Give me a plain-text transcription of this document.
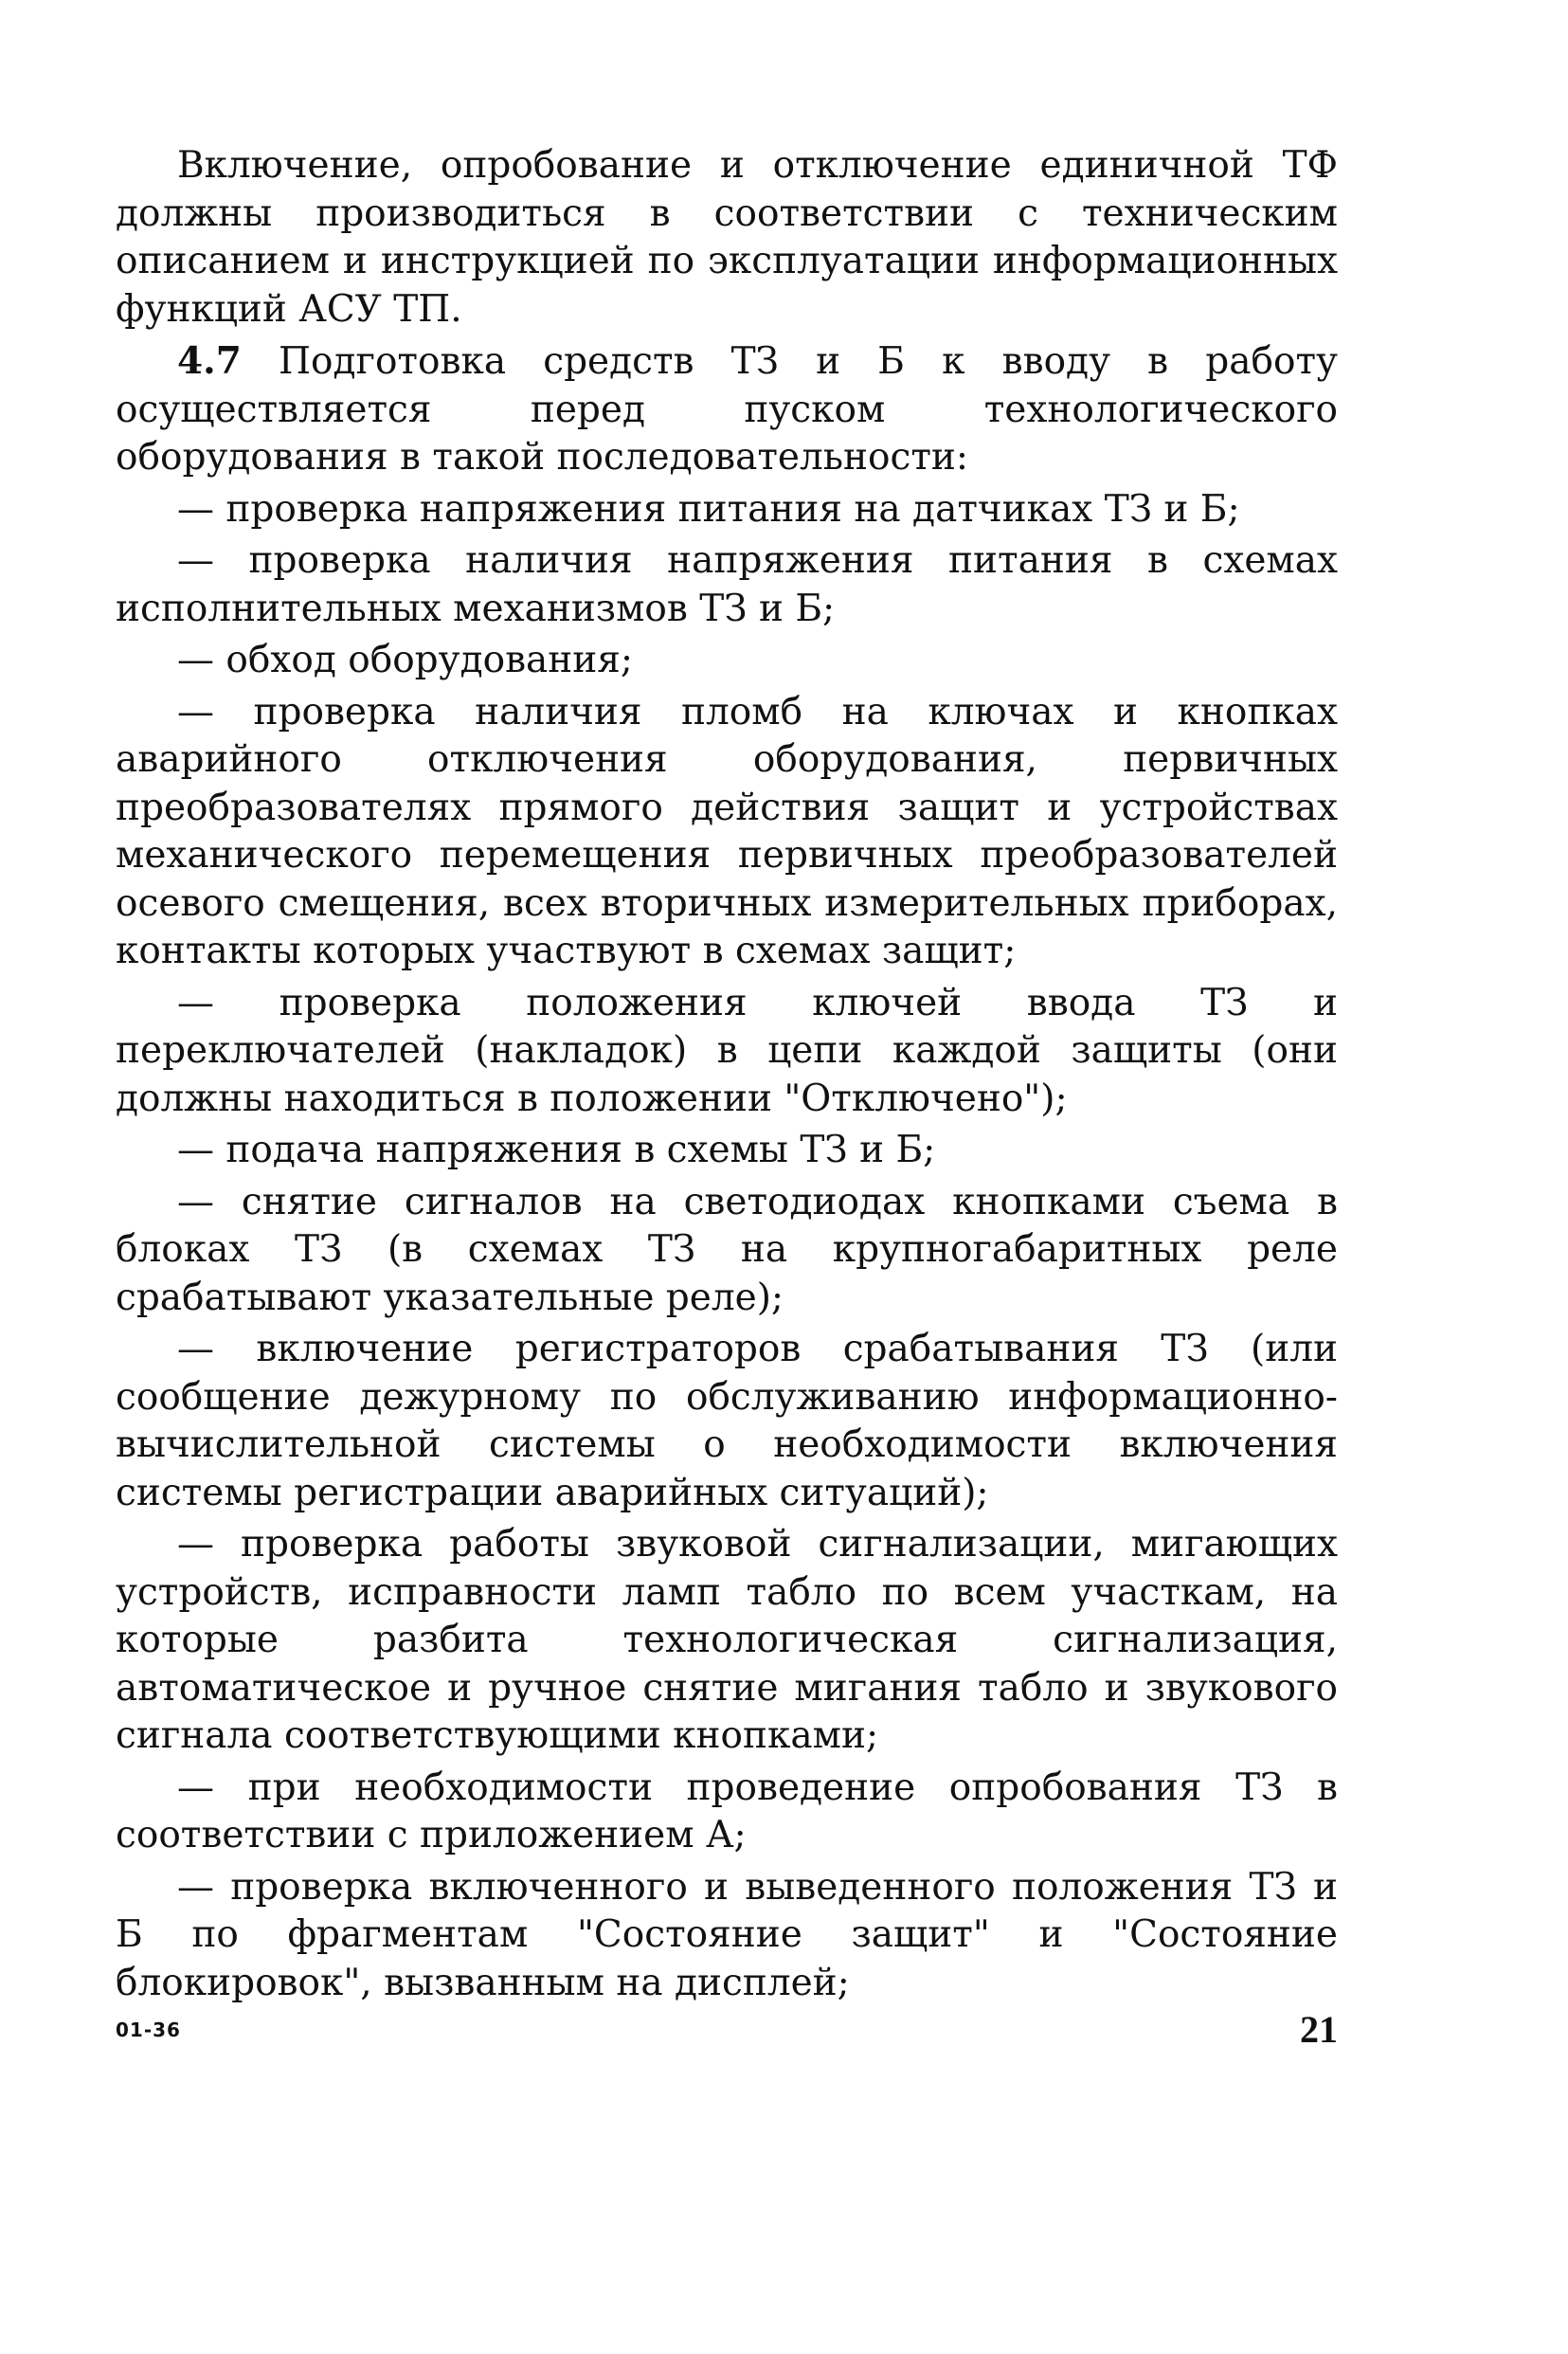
Включение, опробование и отключение единичной ТФ должны производиться в соответствии с техническим описанием и инструкцией по эксплуатации информационных функций АСУ ТП.

4.7 Подготовка средств ТЗ и Б к вводу в работу осуществляется перед пуском технологического оборудования в такой последовательности:

— проверка напряжения питания на датчиках ТЗ и Б;

— проверка наличия напряжения питания в схемах исполнительных механизмов ТЗ и Б;

— обход оборудования;

— проверка наличия пломб на ключах и кнопках аварийного отключения оборудования, первичных преобразователях прямого действия защит и устройствах механического перемещения первичных преобразователей осевого смещения, всех вторичных измерительных приборах, контакты которых участвуют в схемах защит;

— проверка положения ключей ввода ТЗ и переключателей (накладок) в цепи каждой защиты (они должны находиться в положении "Отключено");

— подача напряжения в схемы ТЗ и Б;

— снятие сигналов на светодиодах кнопками съема в блоках ТЗ (в схемах ТЗ на крупногабаритных реле срабатывают указательные реле);

— включение регистраторов срабатывания ТЗ (или сообщение дежурному по обслуживанию информационно-вычислительной системы о необходимости включения системы регистрации аварийных ситуаций);

— проверка работы звуковой сигнализации, мигающих устройств, исправности ламп табло по всем участкам, на которые разбита технологическая сигнализация, автоматическое и ручное снятие мигания табло и звукового сигнала соответствующими кнопками;

— при необходимости проведение опробования ТЗ в соответствии с приложением А;

— проверка включенного и выведенного положения ТЗ и Б по фрагментам "Состояние защит" и "Состояние блокировок", вызванным на дисплей;

01-36	21
